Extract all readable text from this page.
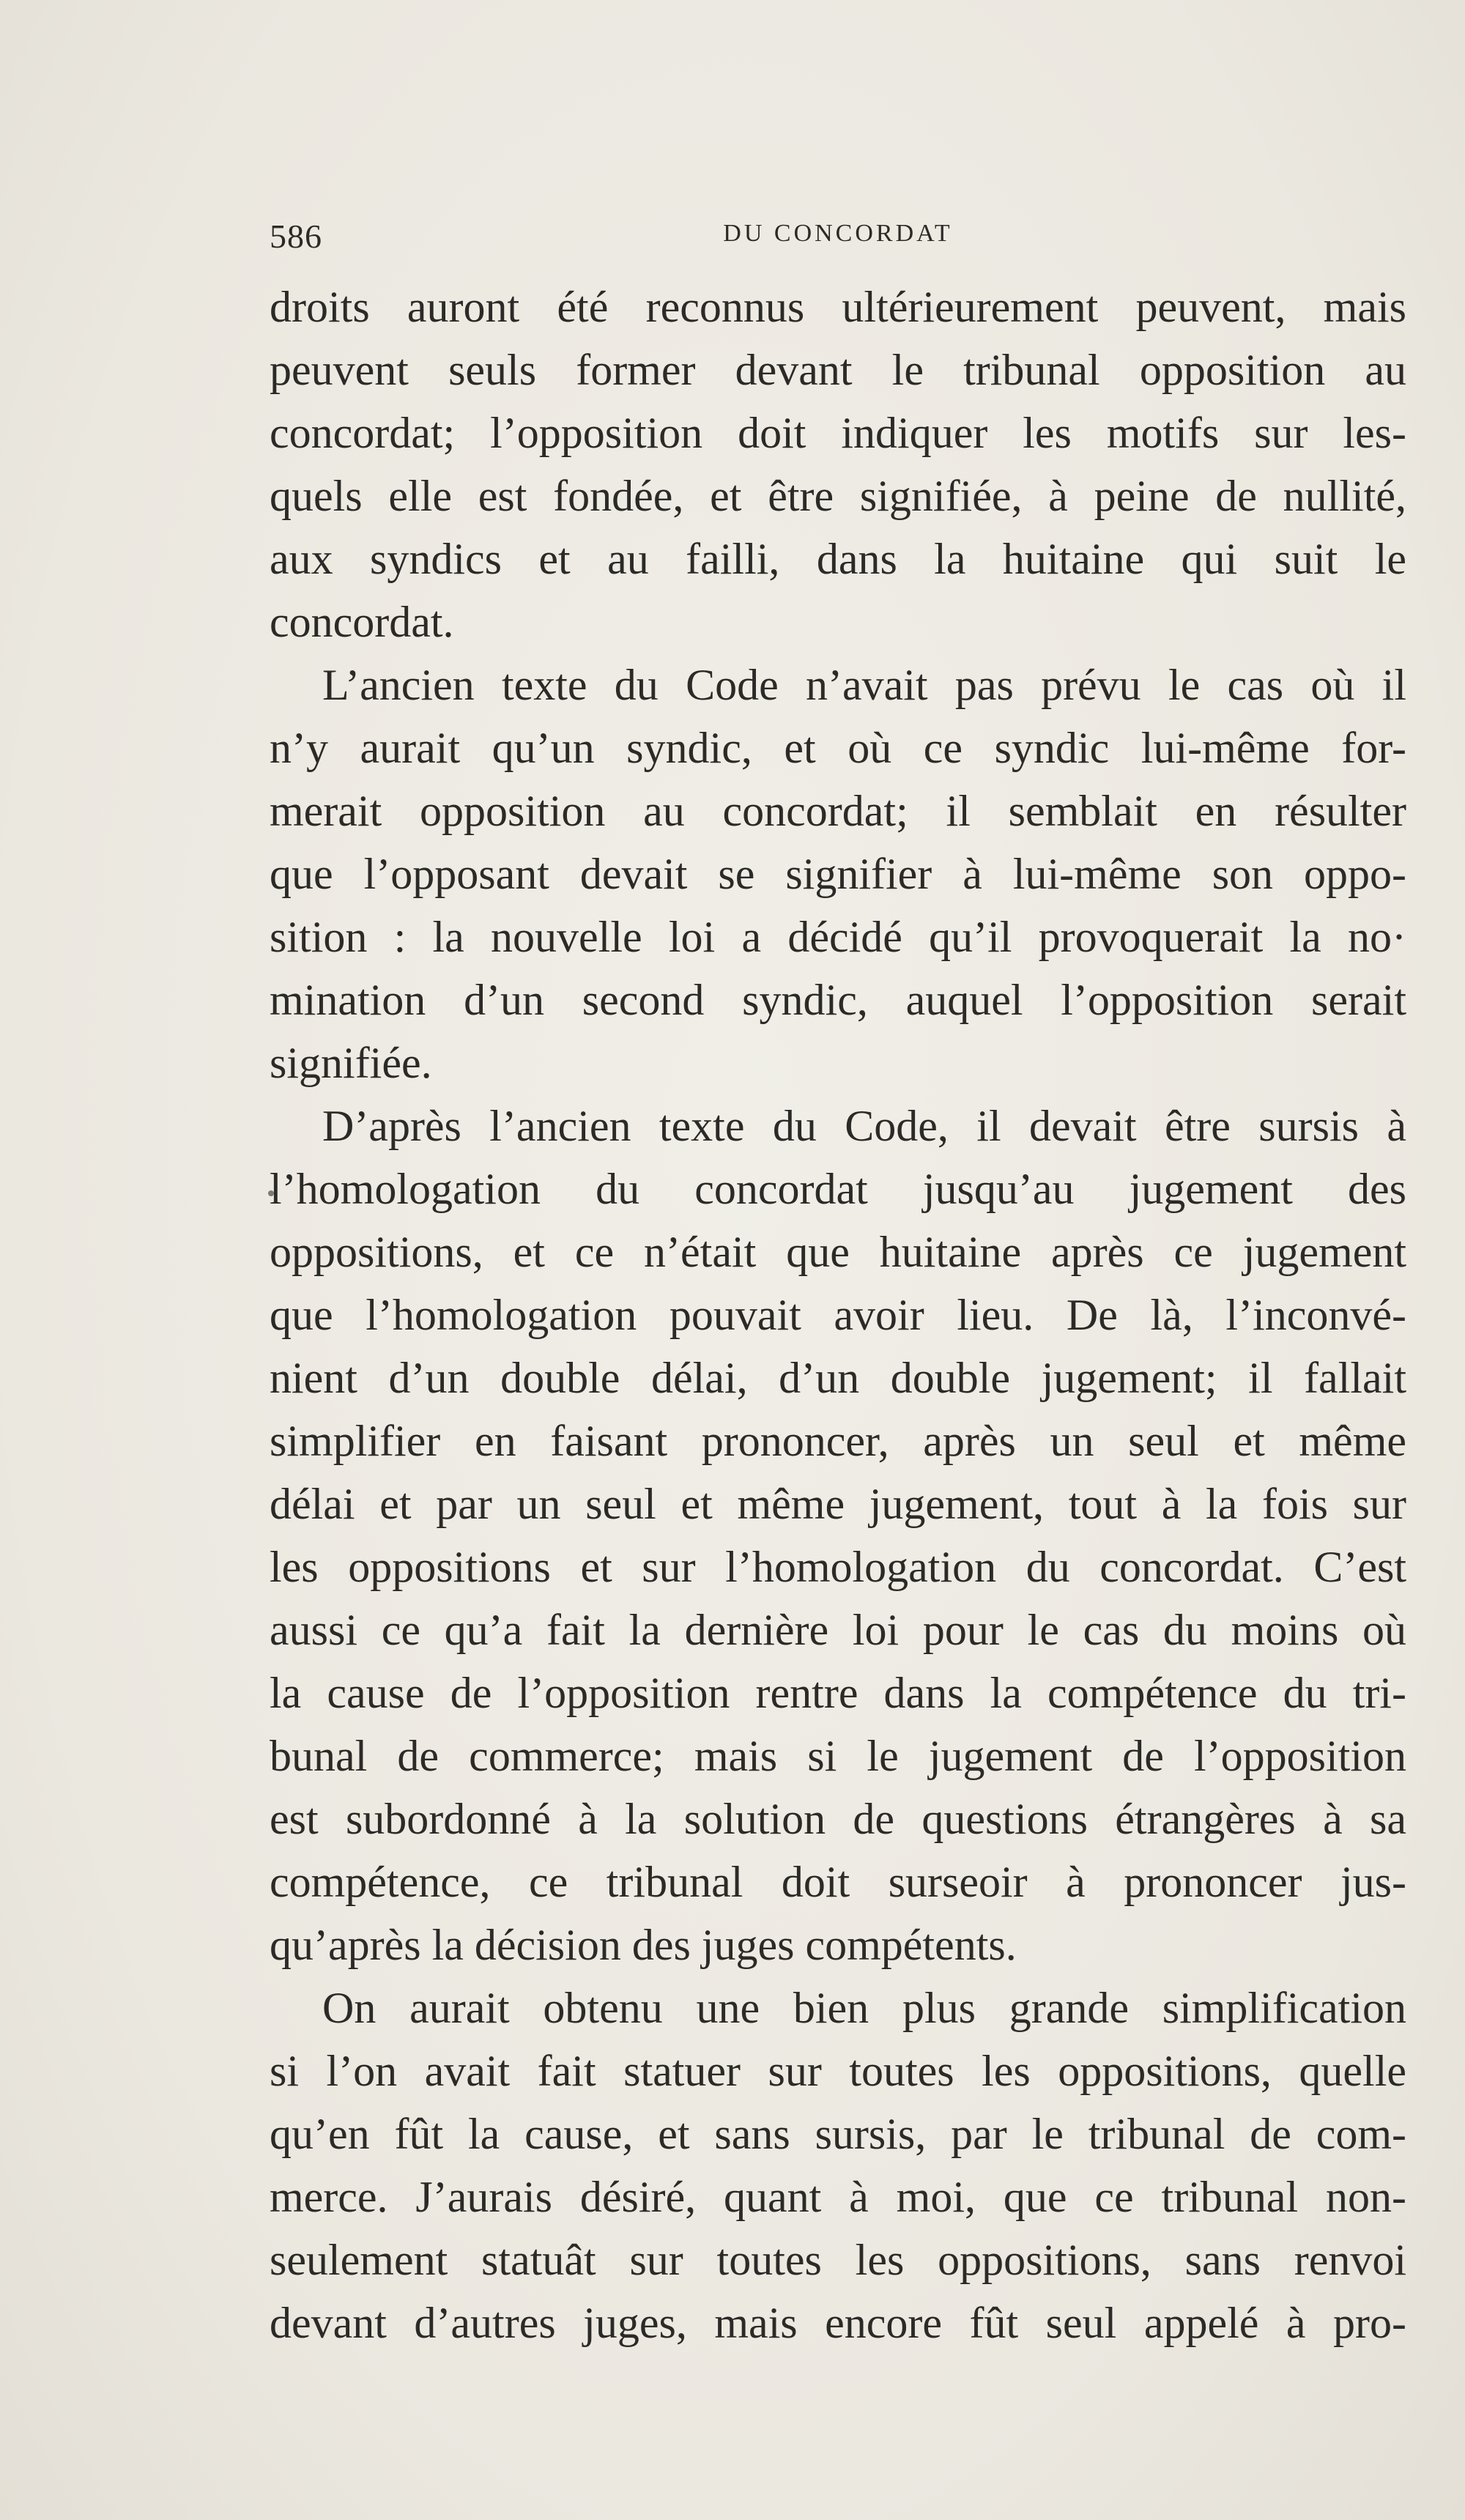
586	DU CONCORDAT
droits auront été reconnus ultérieurement peuvent, mais
peuvent seuls former devant le tribunal opposition au
concordat; l’opposition doit indiquer les motifs sur les-
quels elle est fondée, et être signifiée, à peine de nullité,
aux syndics et au failli, dans la huitaine qui suit le
concordat.
L’ancien texte du Code n’avait pas prévu le cas où il
n’y aurait qu’un syndic, et où ce syndic lui-même for-
merait opposition au concordat; il semblait en résulter
que l’opposant devait se signifier à lui-même son oppo-
sition : la nouvelle loi a décidé qu’il provoquerait la no·
mination d’un second syndic, auquel l’opposition serait
signifiée.
D’après l’ancien texte du Code, il devait être sursis à
l’homologation du concordat jusqu’au jugement des
oppositions, et ce n’était que huitaine après ce jugement
que l’homologation pouvait avoir lieu. De là, l’inconvé-
nient d’un double délai, d’un double jugement; il fallait
simplifier en faisant prononcer, après un seul et même
délai et par un seul et même jugement, tout à la fois sur
les oppositions et sur l’homologation du concordat. C’est
aussi ce qu’a fait la dernière loi pour le cas du moins où
la cause de l’opposition rentre dans la compétence du tri-
bunal de commerce; mais si le jugement de l’opposition
est subordonné à la solution de questions étrangères à sa
compétence, ce tribunal doit surseoir à prononcer jus-
qu’après la décision des juges compétents.
On aurait obtenu une bien plus grande simplification
si l’on avait fait statuer sur toutes les oppositions, quelle
qu’en fût la cause, et sans sursis, par le tribunal de com-
merce. J’aurais désiré, quant à moi, que ce tribunal non-
seulement statuât sur toutes les oppositions, sans renvoi
devant d’autres juges, mais encore fût seul appelé à pro-
